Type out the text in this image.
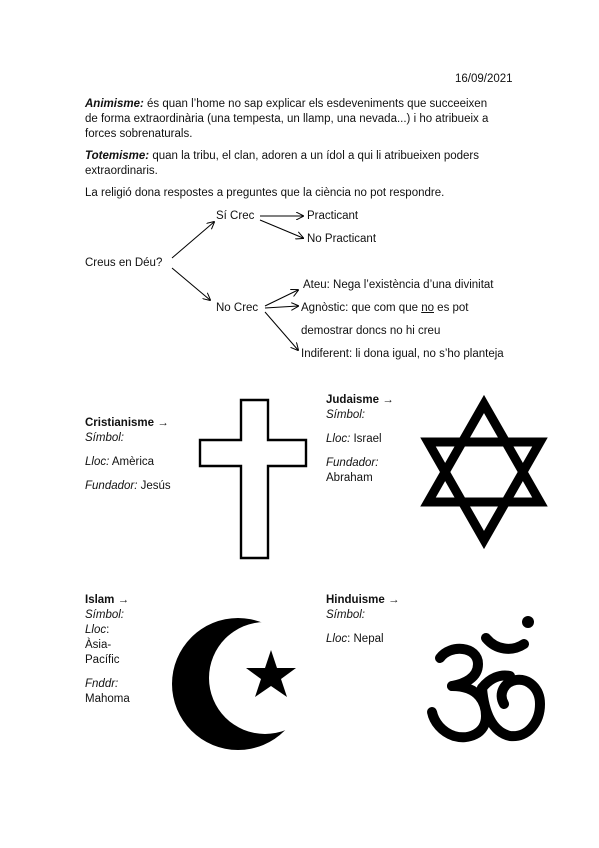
16/09/2021
Animisme: és quan l’home no sap explicar els esdeveniments que succeeixen
de forma extraordinària (una tempesta, un llamp, una nevada...) i ho atribueix a
forces sobrenaturals.
Totemisme: quan la tribu, el clan, adoren a un ídol a qui li atribueixen poders
extraordinaris.
La religió dona respostes a preguntes que la ciència no pot respondre.
Creus en Déu?
Sí Crec	Practicant
No Practicant
No Crec
Ateu: Nega l’existència d’una divinitat
Agnòstic: que com que no es pot
demostrar doncs no hi creu
Indiferent: li dona igual, no s’ho planteja
Cristianisme →
Símbol:
Lloc: Amèrica
Fundador: Jesús
Judaisme →
Símbol:
Lloc: Israel
Fundador:
Abraham
Islam →
Símbol:
Lloc:
Àsia-
Pacífic
Fnddr:
Mahoma
Hinduisme →
Símbol:
Lloc: Nepal
